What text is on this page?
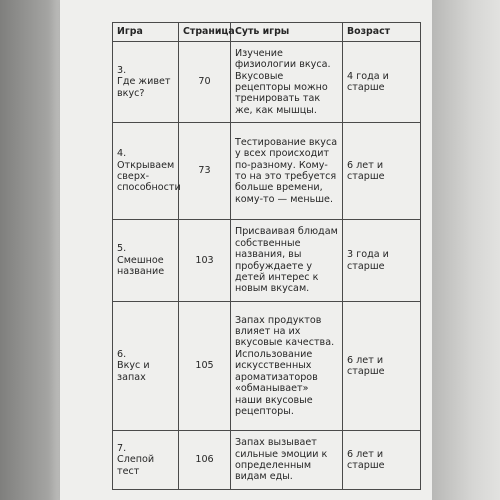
Игра	Страница	Суть игры	Возраст
3.
Где живет вкус?	70	Изучение физиологии вкуса. Вкусовые рецепторы можно тренировать так же, как мышцы.	4 года и старше
4.
Открываем сверх-способности	73	Тестирование вкуса у всех происходит по-разному. Кому-то на это требуется больше времени, кому-то — меньше.	6 лет и старше
5.
Смешное название	103	Присваивая блюдам собственные названия, вы пробуждаете у детей интерес к новым вкусам.	3 года и старше
6.
Вкус и запах	105	Запах продуктов влияет на их вкусовые качества. Использование искусственных ароматизаторов «обманывает» наши вкусовые рецепторы.	6 лет и старше
7.
Слепой тест	106	Запах вызывает сильные эмоции к определенным видам еды.	6 лет и старше
